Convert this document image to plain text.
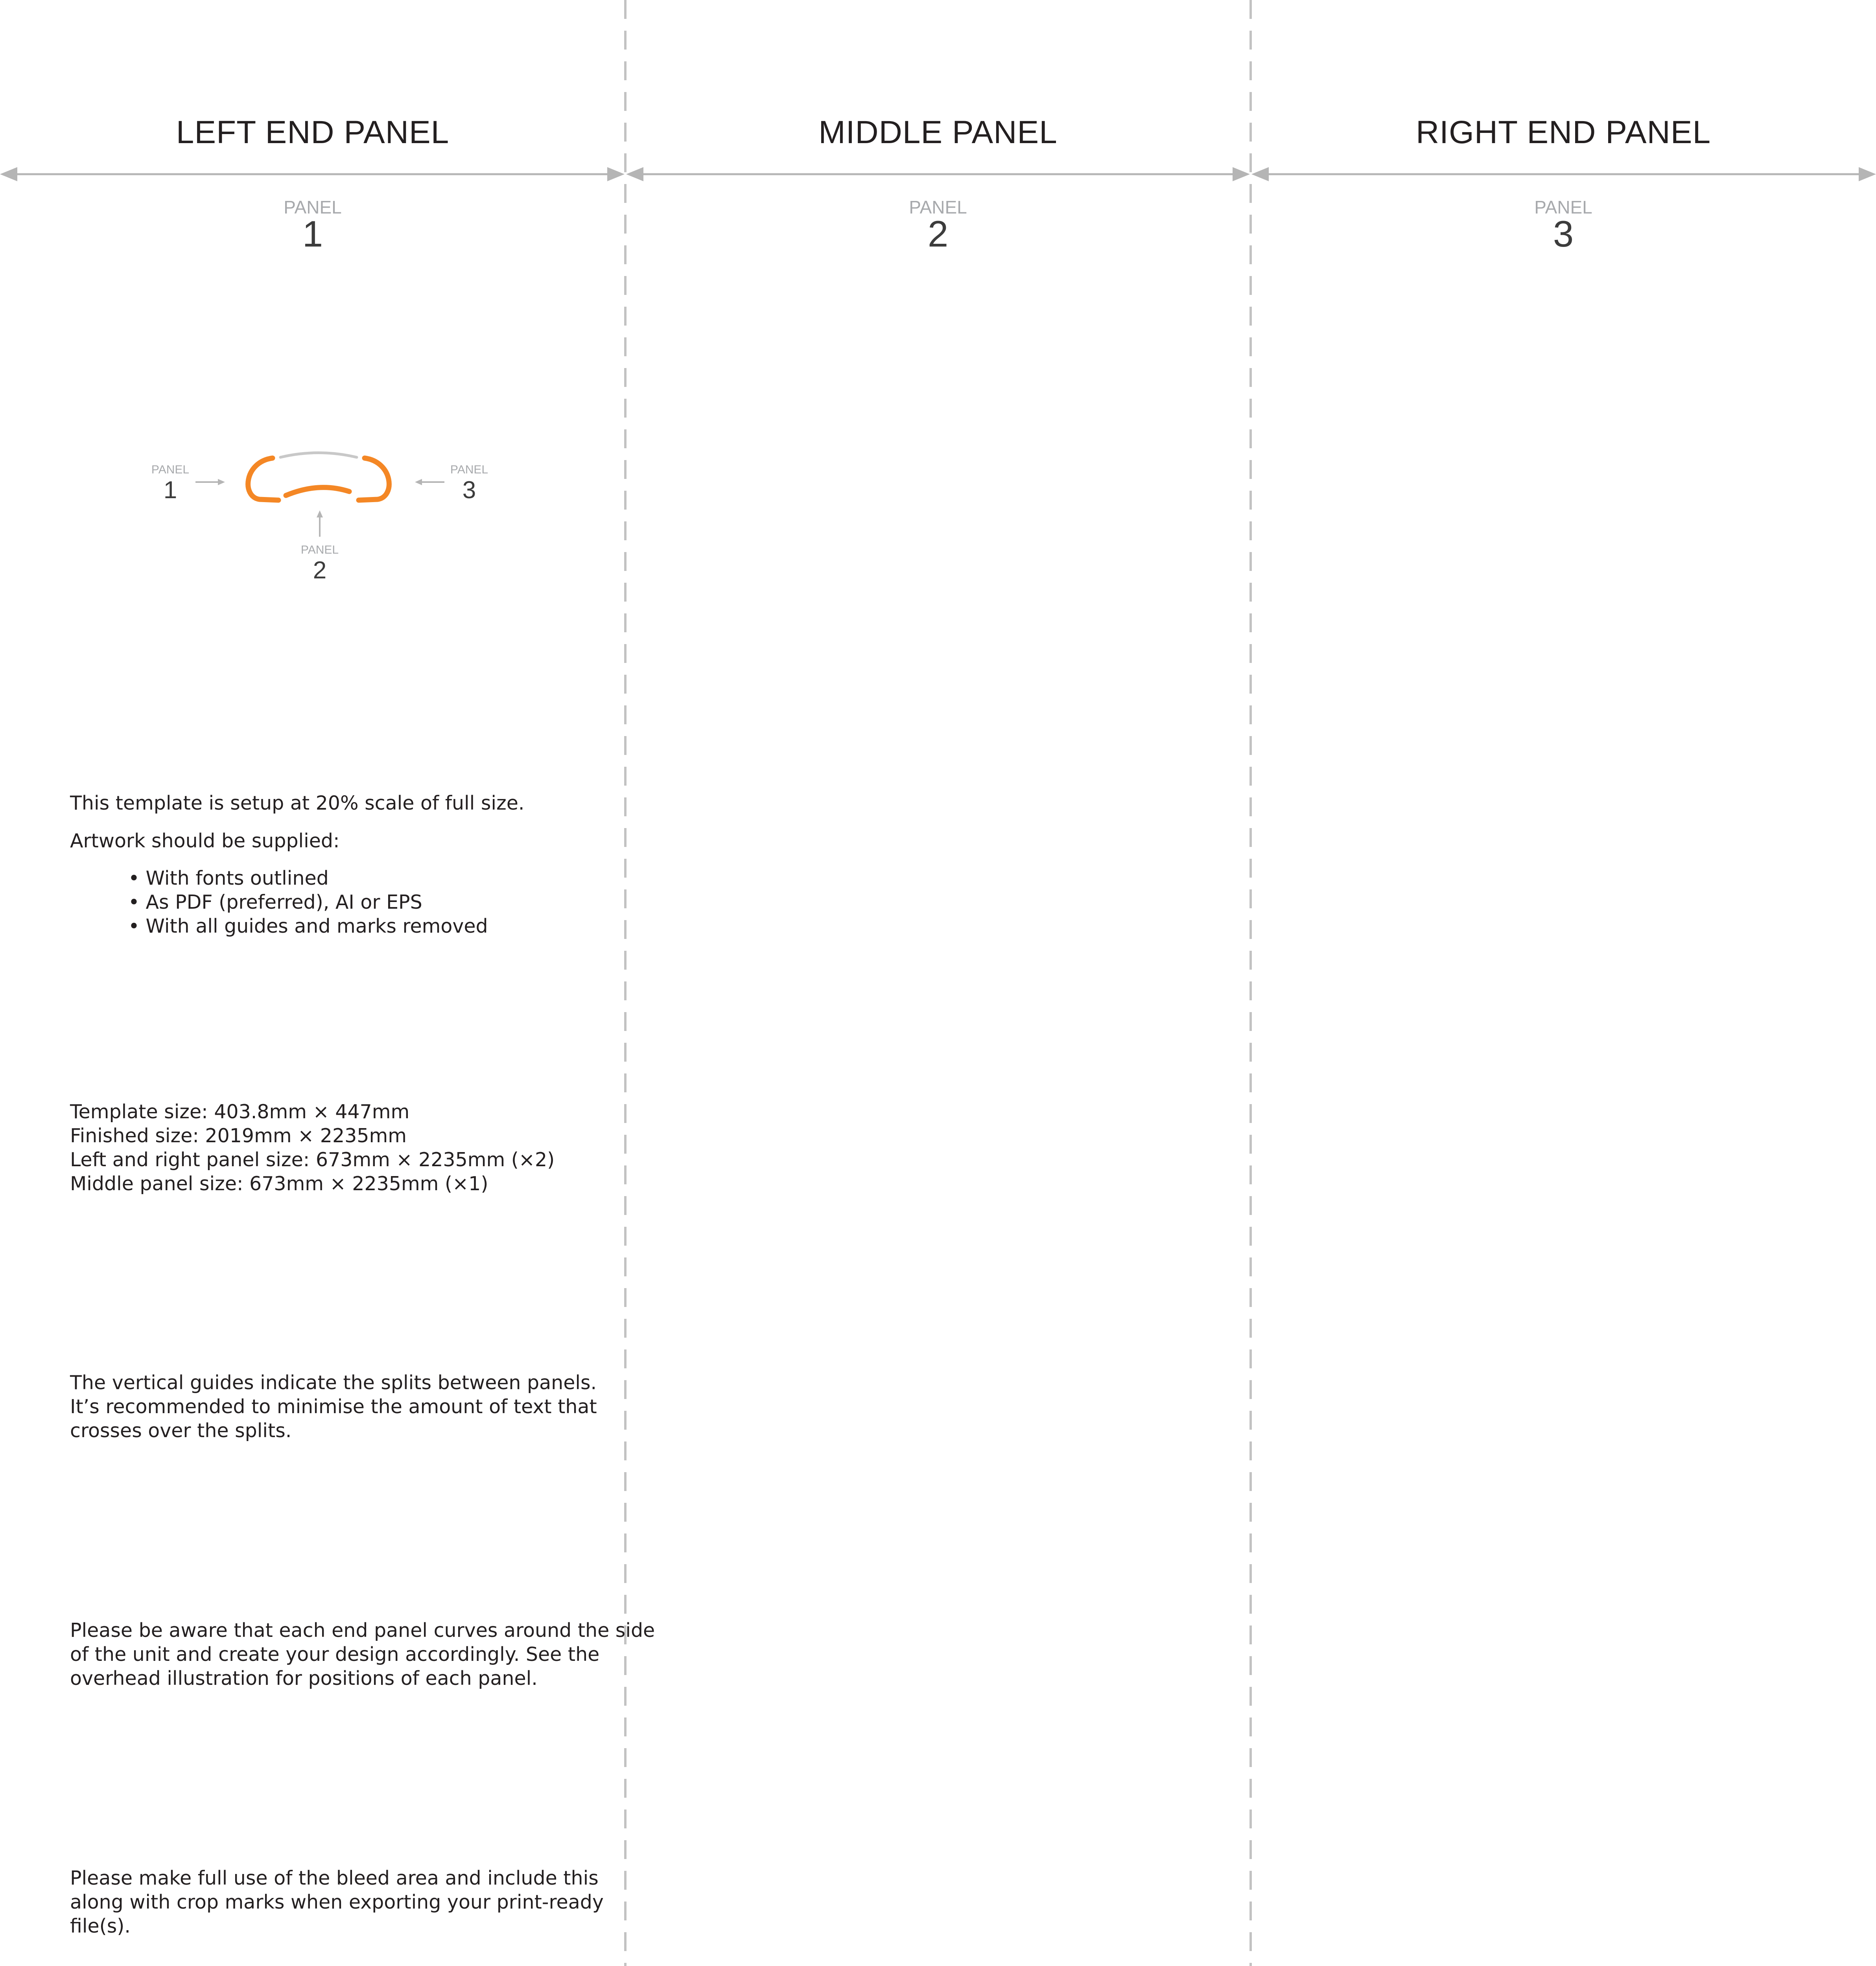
LEFT END PANEL	MIDDLE PANEL	RIGHT END PANEL
PANEL
1
PANEL
2
PANEL
3
PANEL
1
PANEL
2
PANEL
3

This template is setup at 20% scale of full size.

Artwork should be supplied:

• With fonts outlined
• As PDF (preferred), AI or EPS
• With all guides and marks removed

Template size: 403.8mm × 447mm

Finished size: 2019mm × 2235mm

Left and right panel size: 673mm × 2235mm (×2)

Middle panel size: 673mm × 2235mm (×1)

The vertical guides indicate the splits between panels. It’s recommended to minimise the amount of text that crosses over the splits.

Please be aware that each end panel curves around the side of the unit and create your design accordingly. See the overhead illustration for positions of each panel.

Please make full use of the bleed area and include this along with crop marks when exporting your print-ready file(s).
